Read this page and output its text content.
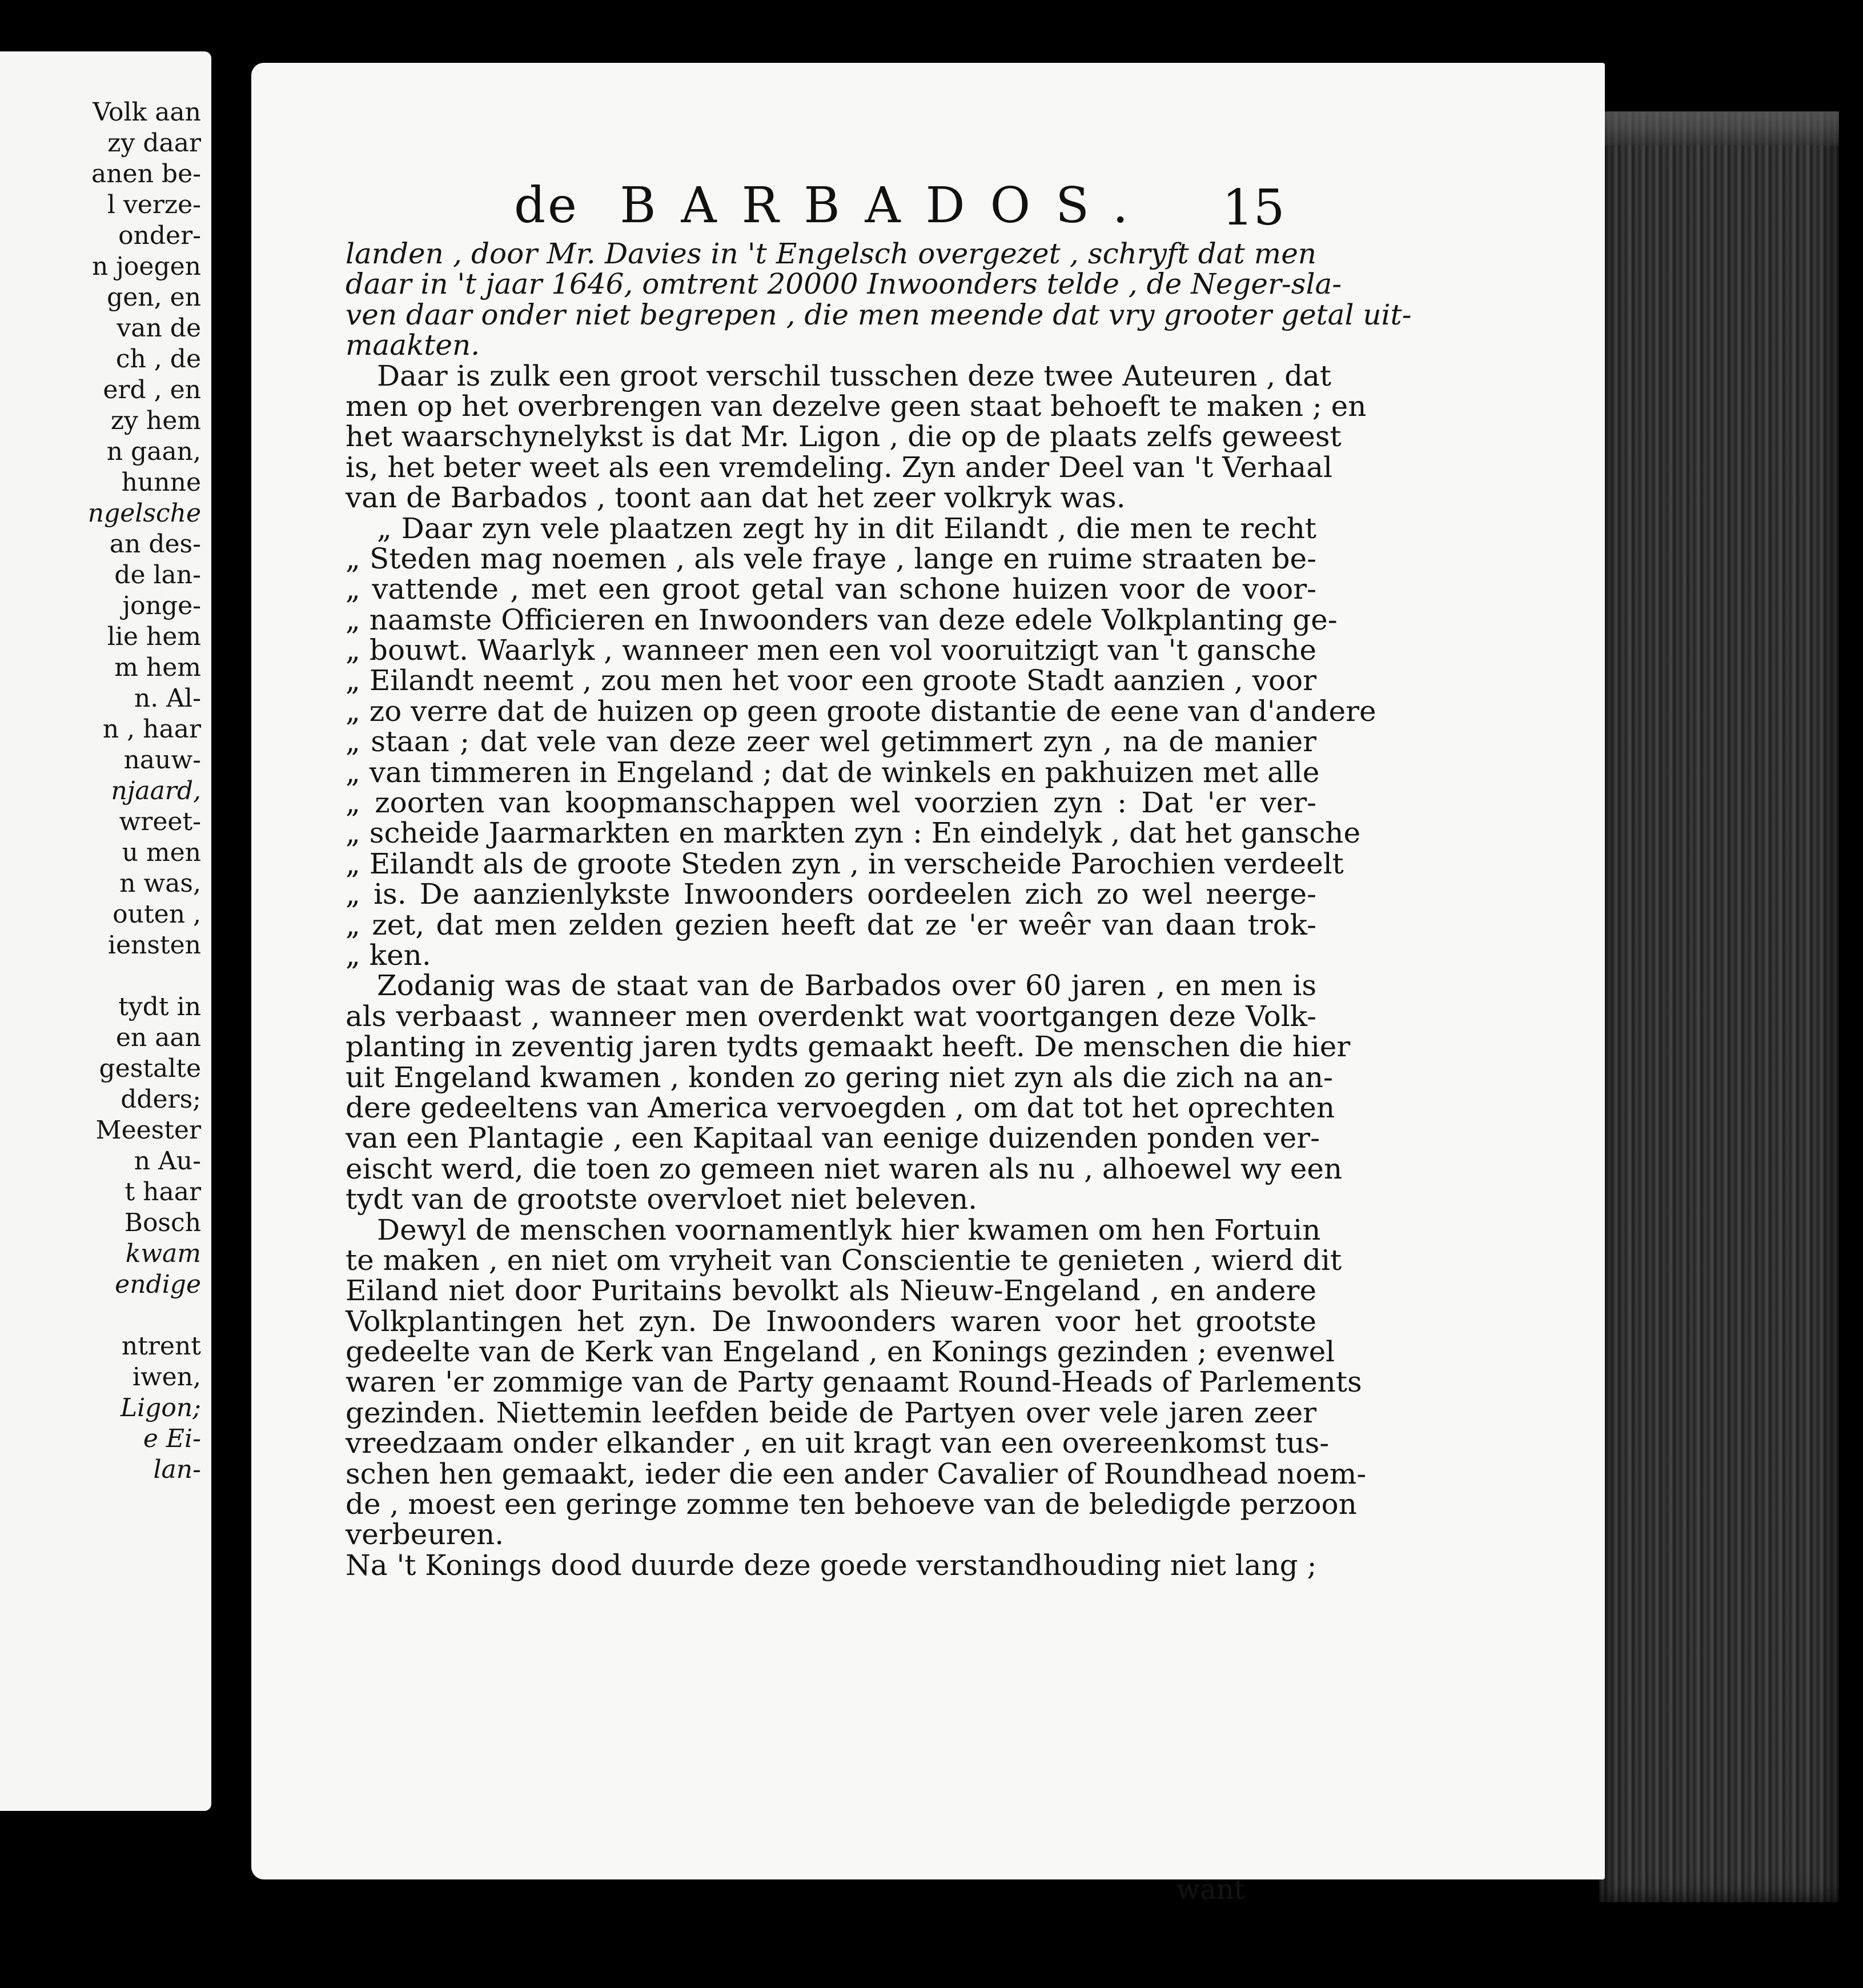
Volk aan
zy daar
anen be-
l verze-
onder-
n joegen
gen, en
van de
ch , de
erd , en
zy hem
n gaan,
hunne
ngelsche
an des-
de lan-
jonge-
lie hem
m hem
n. Al-
n , haar
nauw-
njaard,
wreet-
u men
n was,
outen ,
iensten
tydt in
en aan
gestalte
dders;
Meester
n Au-
t haar
Bosch
kwam
endige
ntrent
iwen,
Ligon;
e Ei-
lan-
de BARBADOS. 15
landen , door Mr. Davies in 't Engelsch overgezet , schryft dat men
daar in 't jaar 1646, omtrent 20000 Inwoonders telde , de Neger-sla-
ven daar onder niet begrepen , die men meende dat vry grooter getal uit-
maakten.
Daar is zulk een groot verschil tusschen deze twee Auteuren , dat
men op het overbrengen van dezelve geen staat behoeft te maken ; en
het waarschynelykst is dat Mr. Ligon , die op de plaats zelfs geweest
is, het beter weet als een vremdeling. Zyn ander Deel van 't Verhaal
van de Barbados , toont aan dat het zeer volkryk was.
„ Daar zyn vele plaatzen zegt hy in dit Eilandt , die men te recht
„ Steden mag noemen , als vele fraye , lange en ruime straaten be-
„ vattende , met een groot getal van schone huizen voor de voor-
„ naamste Officieren en Inwoonders van deze edele Volkplanting ge-
„ bouwt. Waarlyk , wanneer men een vol vooruitzigt van 't gansche
„ Eilandt neemt , zou men het voor een groote Stadt aanzien , voor
„ zo verre dat de huizen op geen groote distantie de eene van d'andere
„ staan ; dat vele van deze zeer wel getimmert zyn , na de manier
„ van timmeren in Engeland ; dat de winkels en pakhuizen met alle
„ zoorten van koopmanschappen wel voorzien zyn : Dat 'er ver-
„ scheide Jaarmarkten en markten zyn : En eindelyk , dat het gansche
„ Eilandt als de groote Steden zyn , in verscheide Parochien verdeelt
„ is. De aanzienlykste Inwoonders oordeelen zich zo wel neerge-
„ zet, dat men zelden gezien heeft dat ze 'er weêr van daan trok-
„ ken.
Zodanig was de staat van de Barbados over 60 jaren , en men is
als verbaast , wanneer men overdenkt wat voortgangen deze Volk-
planting in zeventig jaren tydts gemaakt heeft. De menschen die hier
uit Engeland kwamen , konden zo gering niet zyn als die zich na an-
dere gedeeltens van America vervoegden , om dat tot het oprechten
van een Plantagie , een Kapitaal van eenige duizenden ponden ver-
eischt werd, die toen zo gemeen niet waren als nu , alhoewel wy een
tydt van de grootste overvloet niet beleven.
Dewyl de menschen voornamentlyk hier kwamen om hen Fortuin
te maken , en niet om vryheit van Conscientie te genieten , wierd dit
Eiland niet door Puritains bevolkt als Nieuw-Engeland , en andere
Volkplantingen het zyn. De Inwoonders waren voor het grootste
gedeelte van de Kerk van Engeland , en Konings gezinden ; evenwel
waren 'er zommige van de Party genaamt Round-Heads of Parlements
gezinden. Niettemin leefden beide de Partyen over vele jaren zeer
vreedzaam onder elkander , en uit kragt van een overeenkomst tus-
schen hen gemaakt, ieder die een ander Cavalier of Roundhead noem-
de , moest een geringe zomme ten behoeve van de beledigde perzoon
verbeuren.
Na 't Konings dood duurde deze goede verstandhouding niet lang ;
want
